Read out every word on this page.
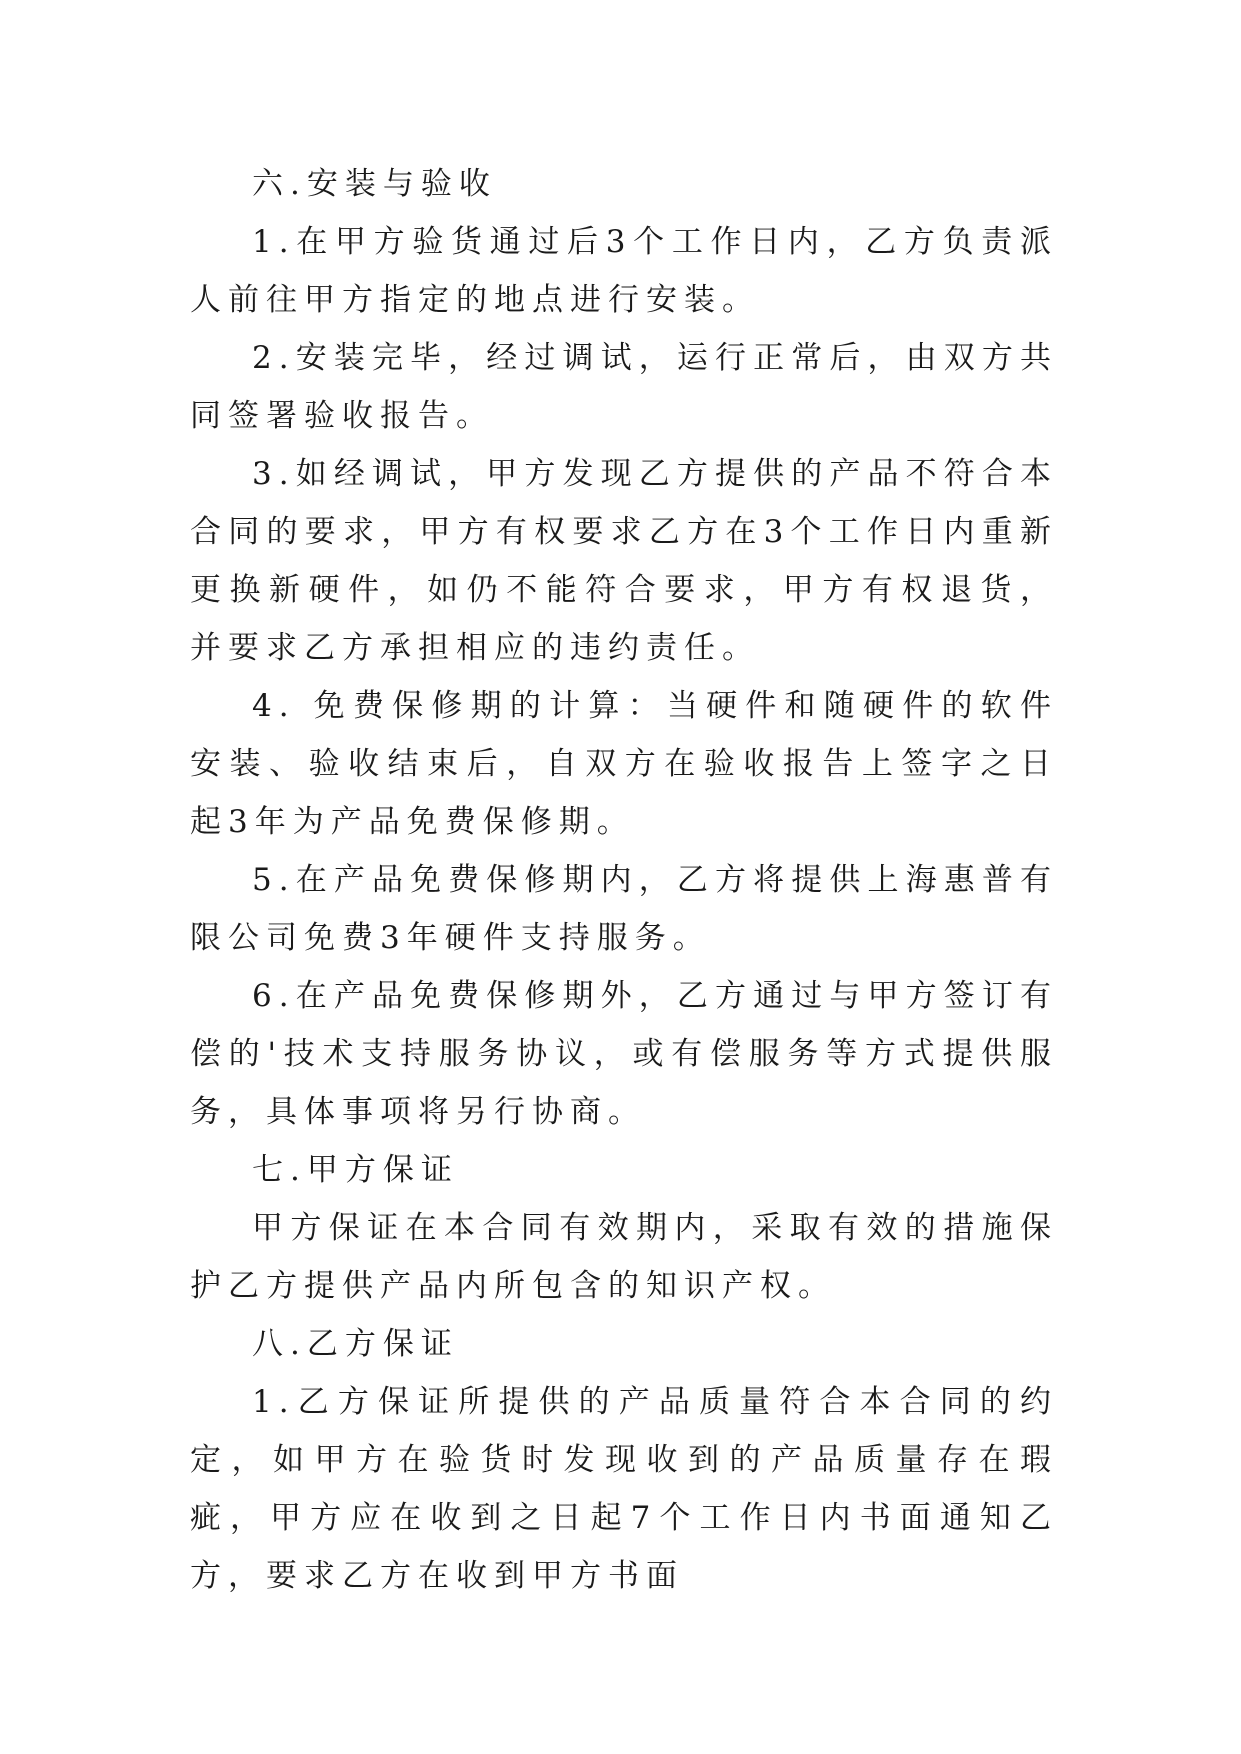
六.安装与验收

1.在甲方验货通过后3个工作日内，乙方负责派人前往甲方指定的地点进行安装。

2.安装完毕，经过调试，运行正常后，由双方共同签署验收报告。

3.如经调试，甲方发现乙方提供的产品不符合本合同的要求，甲方有权要求乙方在3个工作日内重新更换新硬件，如仍不能符合要求，甲方有权退货，并要求乙方承担相应的违约责任。

4. 免费保修期的计算：当硬件和随硬件的软件安装、验收结束后，自双方在验收报告上签字之日起3年为产品免费保修期。

5.在产品免费保修期内，乙方将提供上海惠普有限公司免费3年硬件支持服务。

6.在产品免费保修期外，乙方通过与甲方签订有偿的'技术支持服务协议，或有偿服务等方式提供服务，具体事项将另行协商。

七.甲方保证

甲方保证在本合同有效期内，采取有效的措施保护乙方提供产品内所包含的知识产权。

八.乙方保证

1.乙方保证所提供的产品质量符合本合同的约定，如甲方在验货时发现收到的产品质量存在瑕疵，甲方应在收到之日起7个工作日内书面通知乙方，要求乙方在收到甲方书面
